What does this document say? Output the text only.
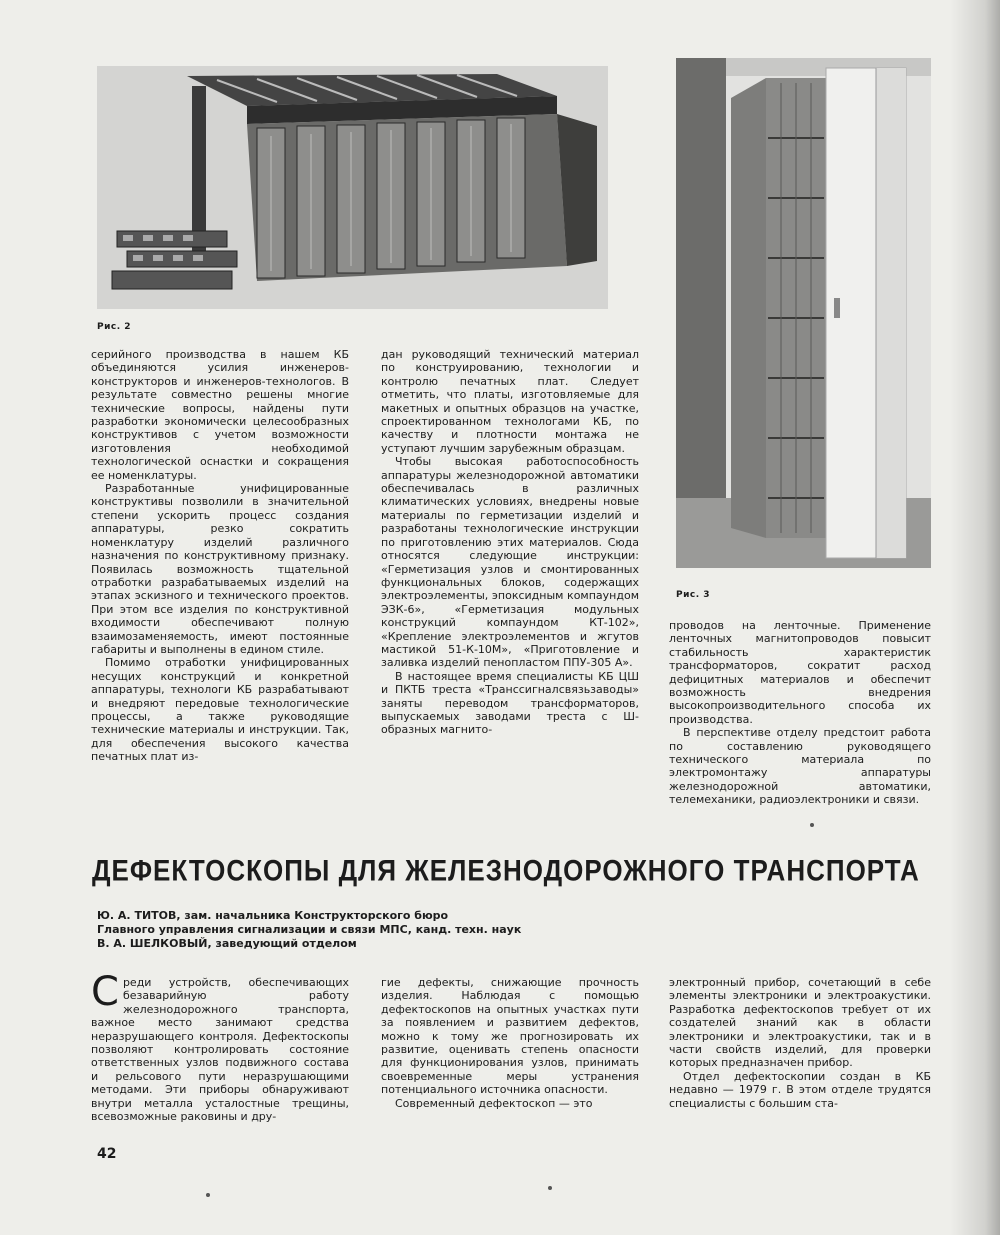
Рис. 2
Рис. 3

серийного производства в нашем КБ объединяются усилия инженеров-конструкторов и инженеров-технологов. В результате совместно решены многие технические вопросы, найдены пути разработки экономически целесообразных конструктивов с учетом возможности изготовления необходимой технологической оснастки и сокращения ее номенклатуры.

Разработанные унифицированные конструктивы позволили в значительной степени ускорить процесс создания аппаратуры, резко сократить номенклатуру изделий различного назначения по конструктивному признаку. Появилась возможность тщательной отработки разрабатываемых изделий на этапах эскизного и технического проектов. При этом все изделия по конструктивной входимости обеспечивают полную взаимозаменяемость, имеют постоянные габариты и выполнены в едином стиле.

Помимо отработки унифицированных несущих конструкций и конкретной аппаратуры, технологи КБ разрабатывают и внедряют передовые технологические процессы, а также руководящие технические материалы и инструкции. Так, для обеспечения высокого качества печатных плат из-

дан руководящий технический материал по конструированию, технологии и контролю печатных плат. Следует отметить, что платы, изготовляемые для макетных и опытных образцов на участке, спроектированном технологами КБ, по качеству и плотности монтажа не уступают лучшим зарубежным образцам.

Чтобы высокая работоспособность аппаратуры железнодорожной автоматики обеспечивалась в различных климатических условиях, внедрены новые материалы по герметизации изделий и разработаны технологические инструкции по приготовлению этих материалов. Сюда относятся следующие инструкции: «Герметизация узлов и смонтированных функциональных блоков, содержащих электроэлементы, эпоксидным компаундом ЭЗК-6», «Герметизация модульных конструкций компаундом КТ-102», «Крепление электроэлементов и жгутов мастикой 51-К-10М», «Приготовление и заливка изделий пенопластом ППУ-305 А».

В настоящее время специалисты КБ ЦШ и ПКТБ треста «Трансcигналсвязьзаводы» заняты переводом трансформаторов, выпускаемых заводами треста с Ш-образных магнито-

проводов на ленточные. Применение ленточных магнитопроводов повысит стабильность характеристик трансформаторов, сократит расход дефицитных материалов и обеспечит возможность внедрения высокопроизводительного способа их производства.

В перспективе отделу предстоит работа по составлению руководящего технического материала по электромонтажу аппаратуры железнодорожной автоматики, телемеханики, радиоэлектроники и связи.

ДЕФЕКТОСКОПЫ ДЛЯ ЖЕЛЕЗНОДОРОЖНОГО ТРАНСПОРТА
Ю. А. ТИТОВ, зам. начальника Конструкторского бюро
Главного управления сигнализации и связи МПС, канд. техн. наук
В. А. ШЕЛКОВЫЙ, заведующий отделом

Среди устройств, обеспечивающих безаварийную работу железнодорожного транспорта, важное место занимают средства неразрушающего контроля. Дефектоскопы позволяют контролировать состояние ответственных узлов подвижного состава и рельсового пути неразрушающими методами. Эти приборы обнаруживают внутри металла усталостные трещины, всевозможные раковины и дру-

гие дефекты, снижающие прочность изделия. Наблюдая с помощью дефектоскопов на опытных участках пути за появлением и развитием дефектов, можно к тому же прогнозировать их развитие, оценивать степень опасности для функционирования узлов, принимать своевременные меры устранения потенциального источника опасности.

Современный дефектоскоп — это

электронный прибор, сочетающий в себе элементы электроники и электроакустики. Разработка дефектоскопов требует от их создателей знаний как в области электроники и электроакустики, так и в части свойств изделий, для проверки которых предназначен прибор.

Отдел дефектоскопии создан в КБ недавно — 1979 г. В этом отделе трудятся специалисты с большим ста-

42
